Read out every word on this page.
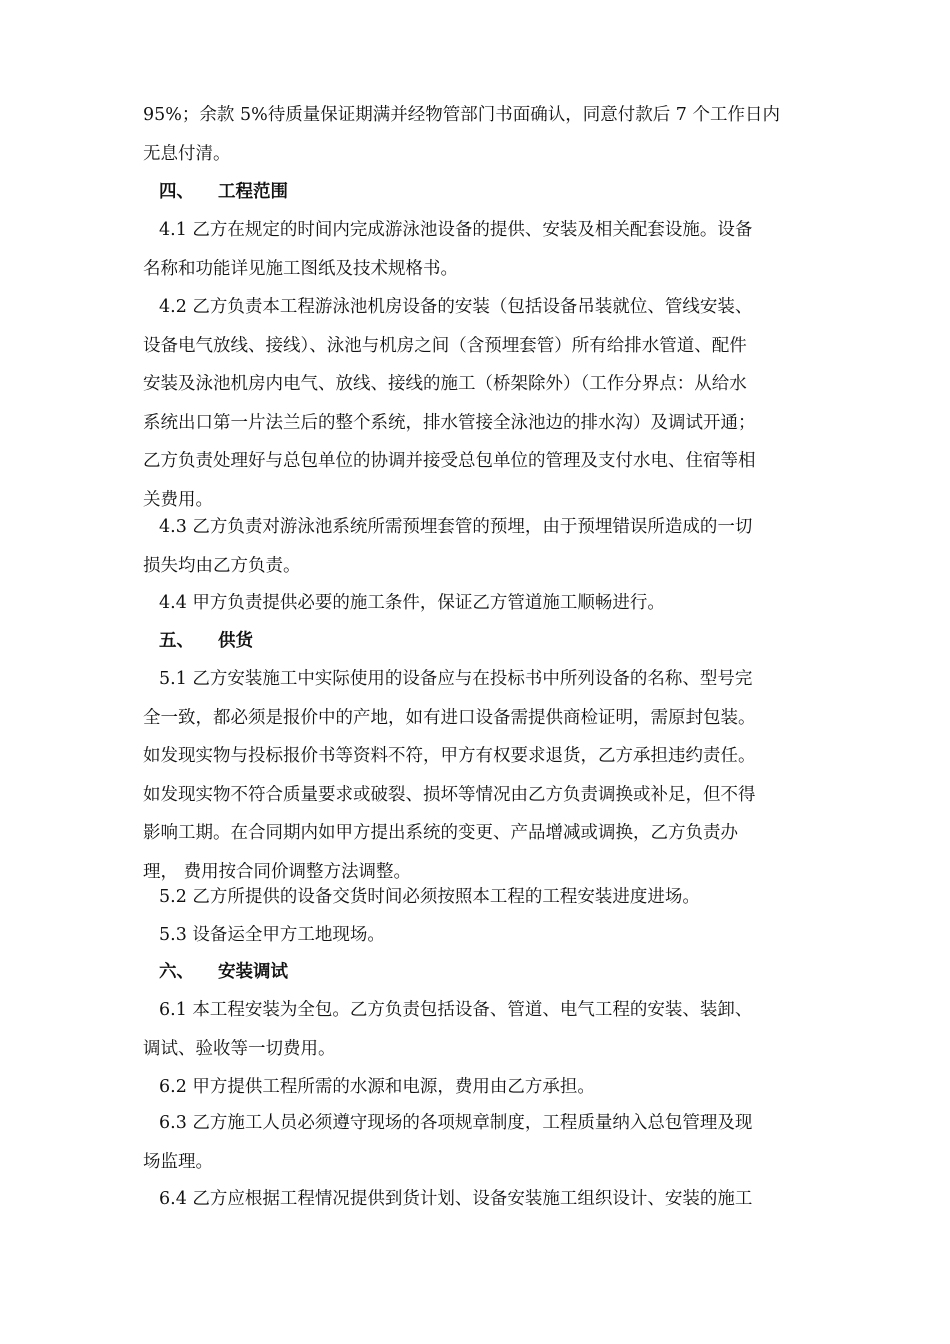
95%；余款 5%待质量保证期满并经物管部门书面确认，同意付款后 7 个工作日内
无息付清。
四、 工程范围
4.1 乙方在规定的时间内完成游泳池设备的提供、安装及相关配套设施。设备
名称和功能详见施工图纸及技术规格书。
4.2 乙方负责本工程游泳池机房设备的安装（包括设备吊装就位、管线安装、
设备电气放线、接线）、泳池与机房之间（含预埋套管）所有给排水管道、配件
安装及泳池机房内电气、放线、接线的施工（桥架除外）（工作分界点：从给水
系统出口第一片法兰后的整个系统，排水管接全泳池边的排水沟）及调试开通；
乙方负责处理好与总包单位的协调并接受总包单位的管理及支付水电、住宿等相
关费用。
4.3 乙方负责对游泳池系统所需预埋套管的预埋，由于预埋错误所造成的一切
损失均由乙方负责。
4.4 甲方负责提供必要的施工条件，保证乙方管道施工顺畅进行。
五、 供货
5.1 乙方安装施工中实际使用的设备应与在投标书中所列设备的名称、型号完
全一致，都必须是报价中的产地，如有进口设备需提供商检证明，需原封包装。
如发现实物与投标报价书等资料不符，甲方有权要求退货，乙方承担违约责任。
如发现实物不符合质量要求或破裂、损坏等情况由乙方负责调换或补足，但不得
影响工期。在合同期内如甲方提出系统的变更、产品增减或调换，乙方负责办
理， 费用按合同价调整方法调整。
5.2 乙方所提供的设备交货时间必须按照本工程的工程安装进度进场。
5.3 设备运全甲方工地现场。
六、 安装调试
6.1 本工程安装为全包。乙方负责包括设备、管道、电气工程的安装、装卸、
调试、验收等一切费用。
6.2 甲方提供工程所需的水源和电源，费用由乙方承担。
6.3 乙方施工人员必须遵守现场的各项规章制度，工程质量纳入总包管理及现
场监理。
6.4 乙方应根据工程情况提供到货计划、设备安装施工组织设计、安装的施工
